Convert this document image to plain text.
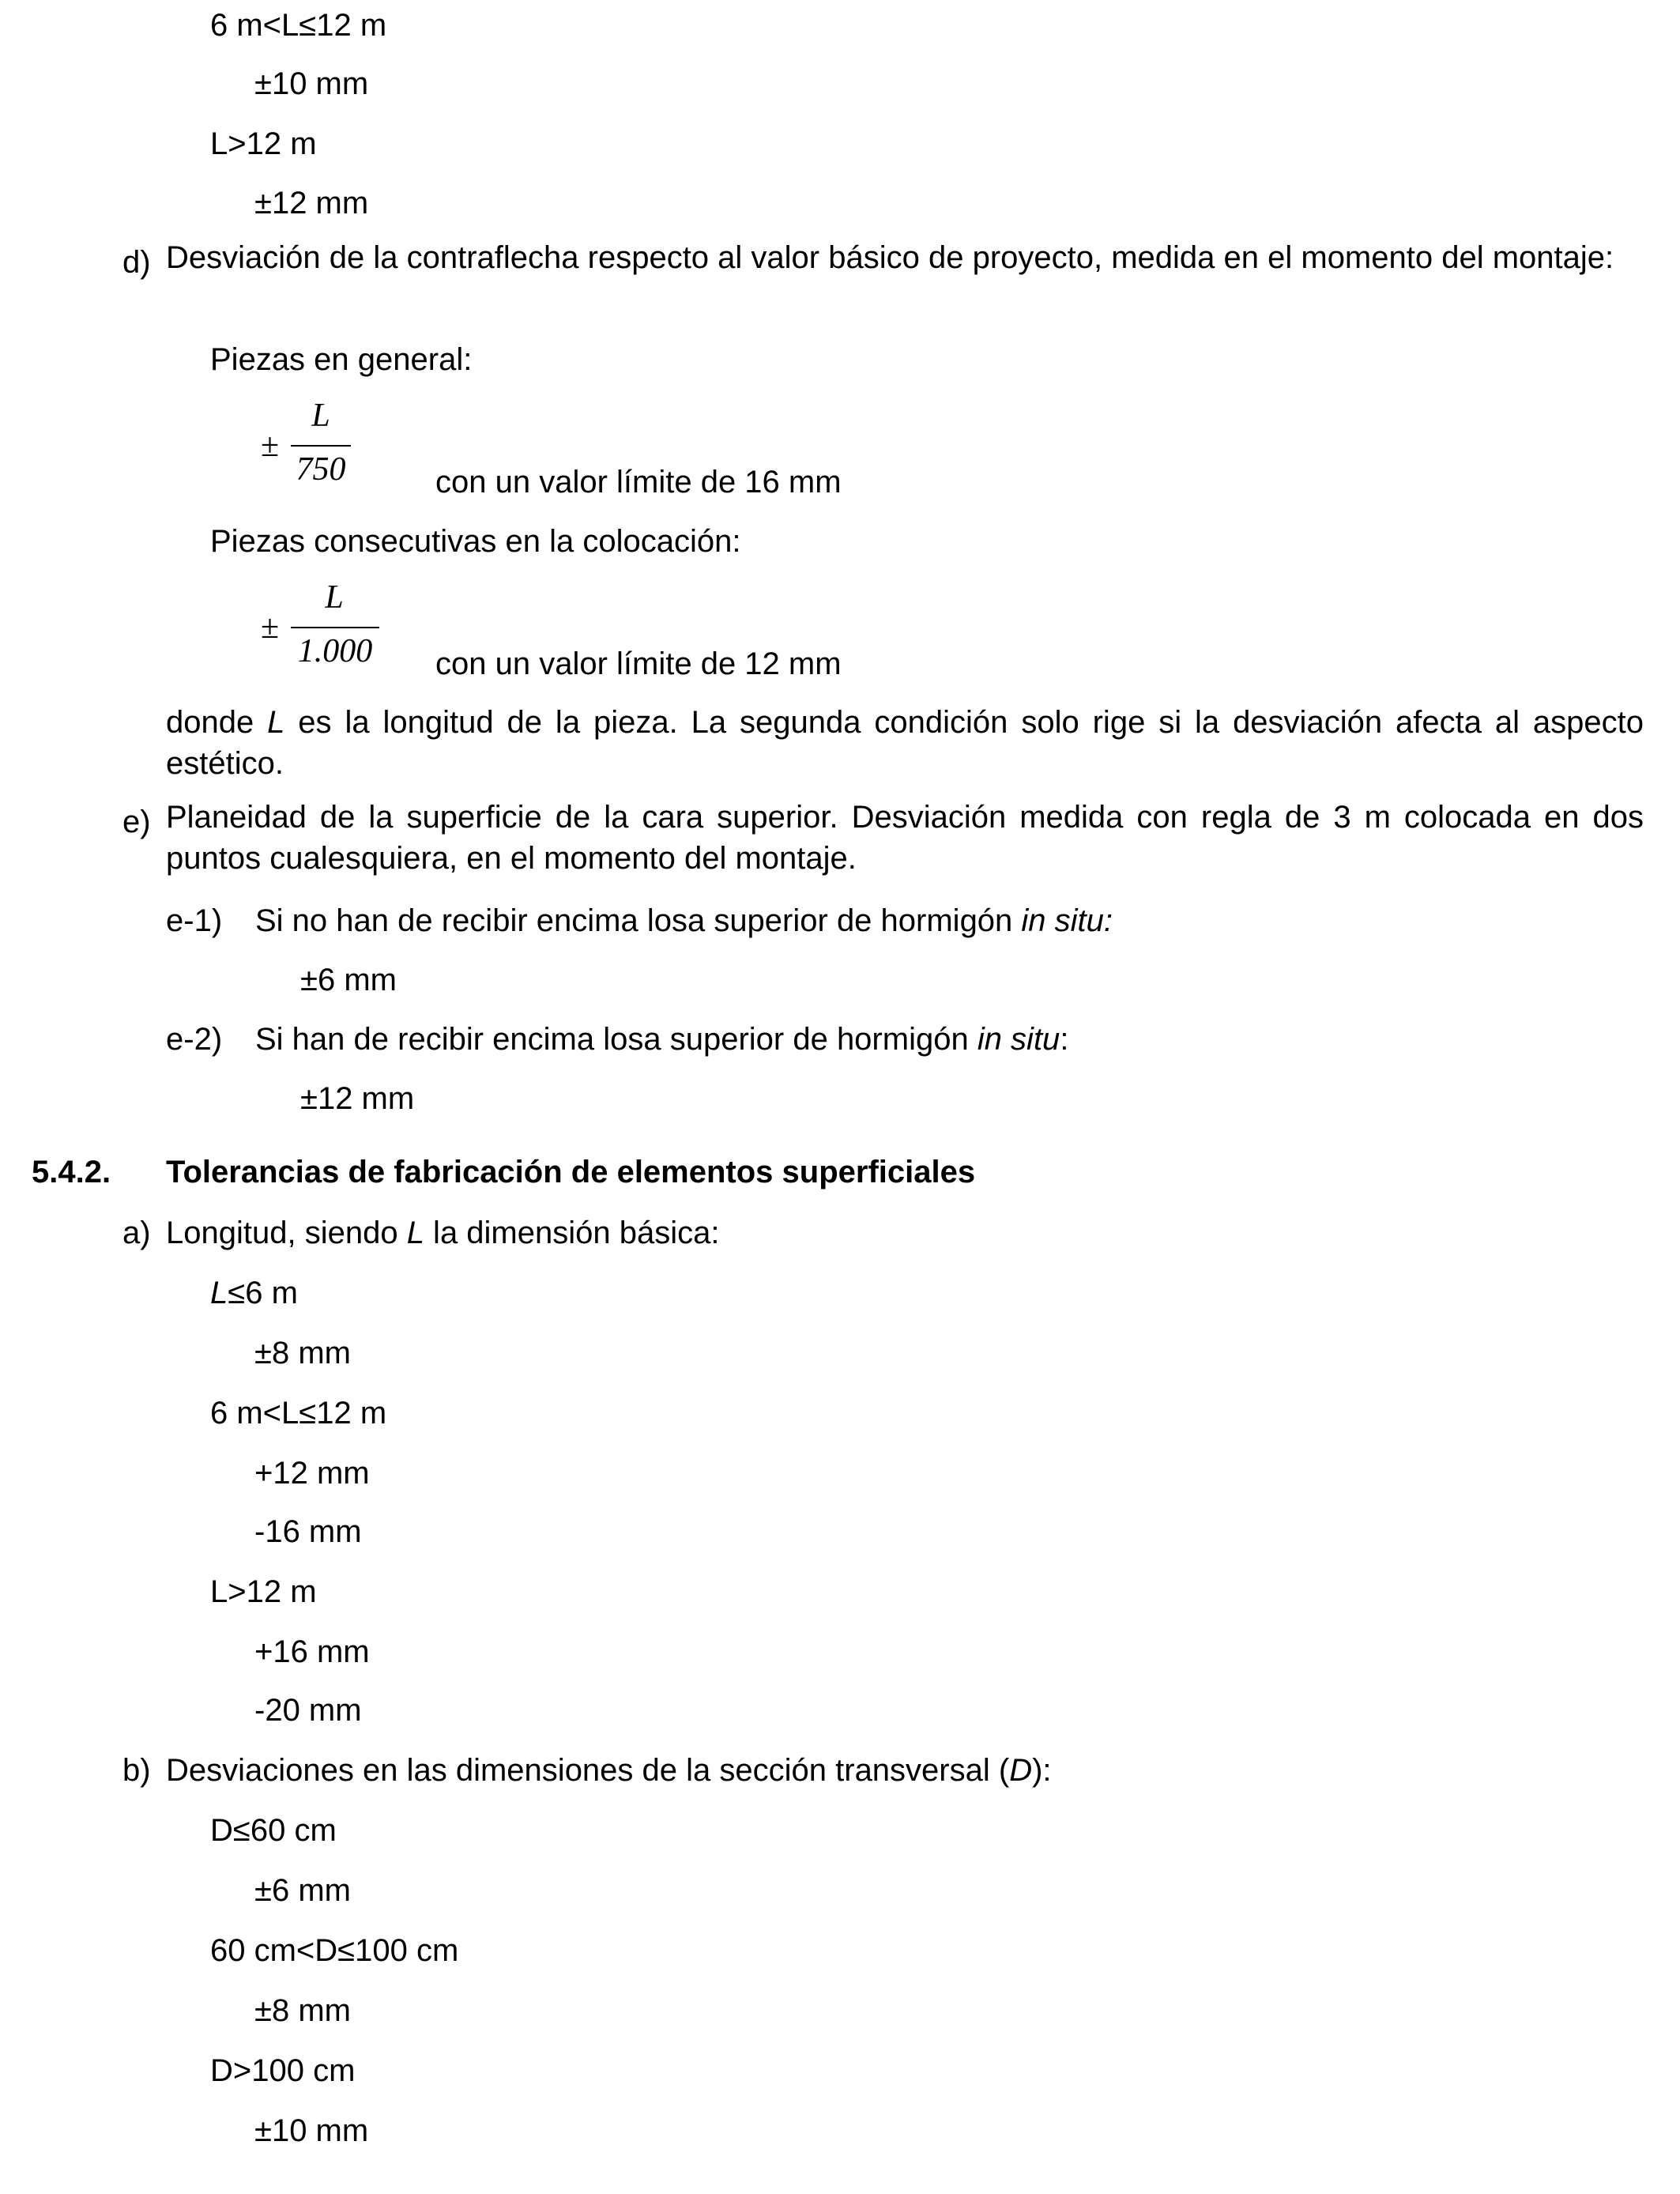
6 m<L≤12 m
±10 mm
L>12 m
±12 mm
d) Desviación de la contraflecha respecto al valor básico de proyecto, medida en el momento del montaje:
Piezas en general:
±
L
750	con un valor límite de 16 mm
Piezas consecutivas en la colocación:
±
L
1.000 con un valor límite de 12 mm
donde L es la longitud de la pieza. La segunda condición solo rige si la desviación afecta al aspecto estético.
e) Planeidad de la superficie de la cara superior. Desviación medida con regla de 3 m colocada en dos puntos cualesquiera, en el momento del montaje.
e-1) Si no han de recibir encima losa superior de hormigón in situ:
±6 mm
e-2) Si han de recibir encima losa superior de hormigón in situ:
±12 mm
5.4.2. Tolerancias de fabricación de elementos superficiales
a) Longitud, siendo L la dimensión básica:
L≤6 m
±8 mm
6 m<L≤12 m
+12 mm
-16 mm
L>12 m
+16 mm
-20 mm
b) Desviaciones en las dimensiones de la sección transversal (D):
D≤60 cm
±6 mm
60 cm<D≤100 cm
±8 mm
D>100 cm
±10 mm
